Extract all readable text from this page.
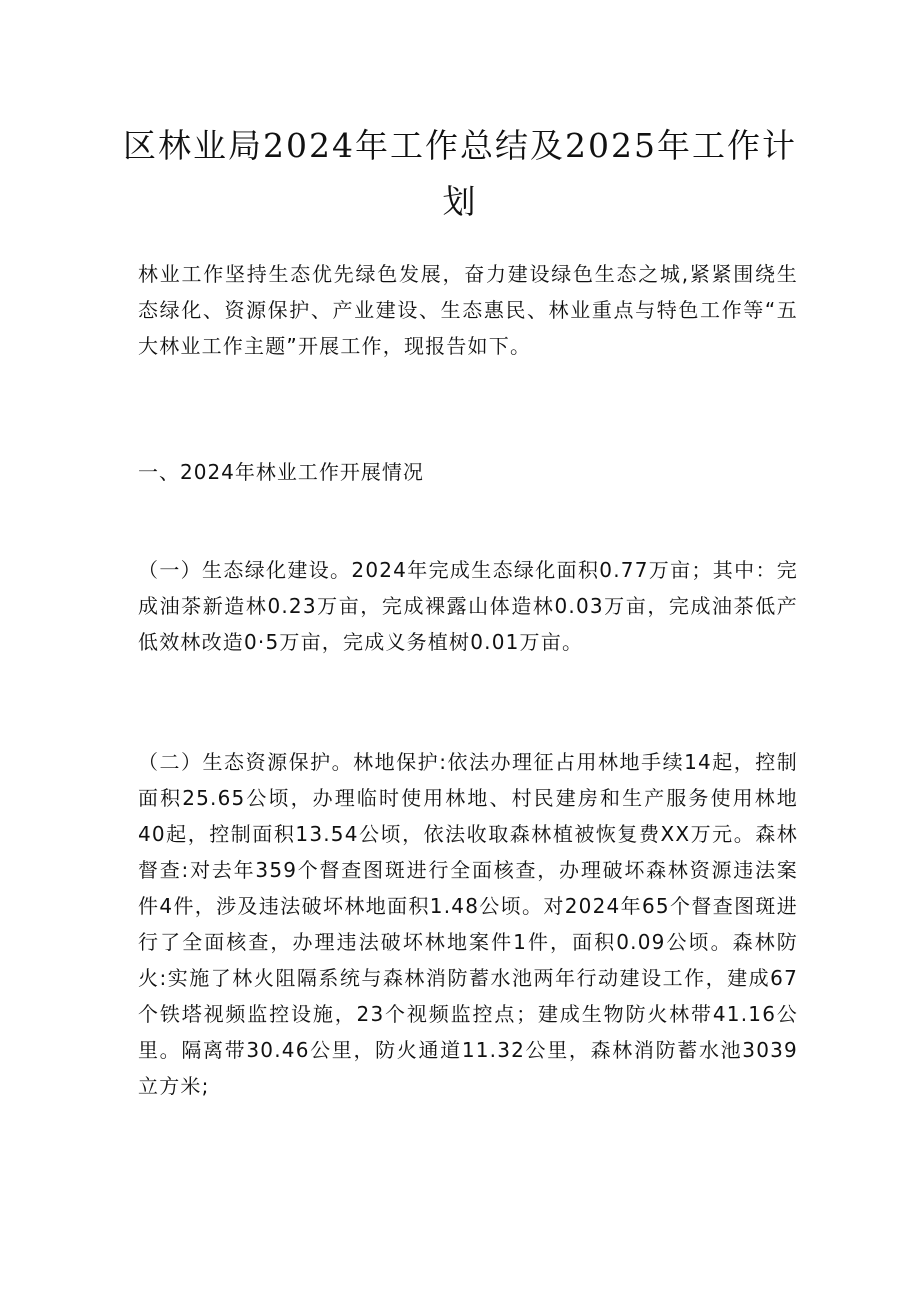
区林业局2024年工作总结及2025年工作计
划

林业工作坚持生态优先绿色发展，奋力建设绿色生态之城,紧紧围绕生态绿化、资源保护、产业建设、生态惠民、林业重点与特色工作等“五大林业工作主题”开展工作，现报告如下。

一、2024年林业工作开展情况

（一）生态绿化建设。2024年完成生态绿化面积0.77万亩；其中：完成油茶新造林0.23万亩，完成裸露山体造林0.03万亩，完成油茶低产低效林改造0·5万亩，完成义务植树0.01万亩。

（二）生态资源保护。林地保护:依法办理征占用林地手续14起，控制面积25.65公顷，办理临时使用林地、村民建房和生产服务使用林地40起，控制面积13.54公顷，依法收取森林植被恢复费XX万元。森林督查:对去年359个督查图斑进行全面核查，办理破坏森林资源违法案件4件，涉及违法破坏林地面积1.48公顷。对2024年65个督查图斑进行了全面核查，办理违法破坏林地案件1件，面积0.09公顷。森林防火:实施了林火阻隔系统与森林消防蓄水池两年行动建设工作，建成67个铁塔视频监控设施，23个视频监控点；建成生物防火林带41.16公里。隔离带30.46公里，防火通道11.32公里，森林消防蓄水池3039立方米;
